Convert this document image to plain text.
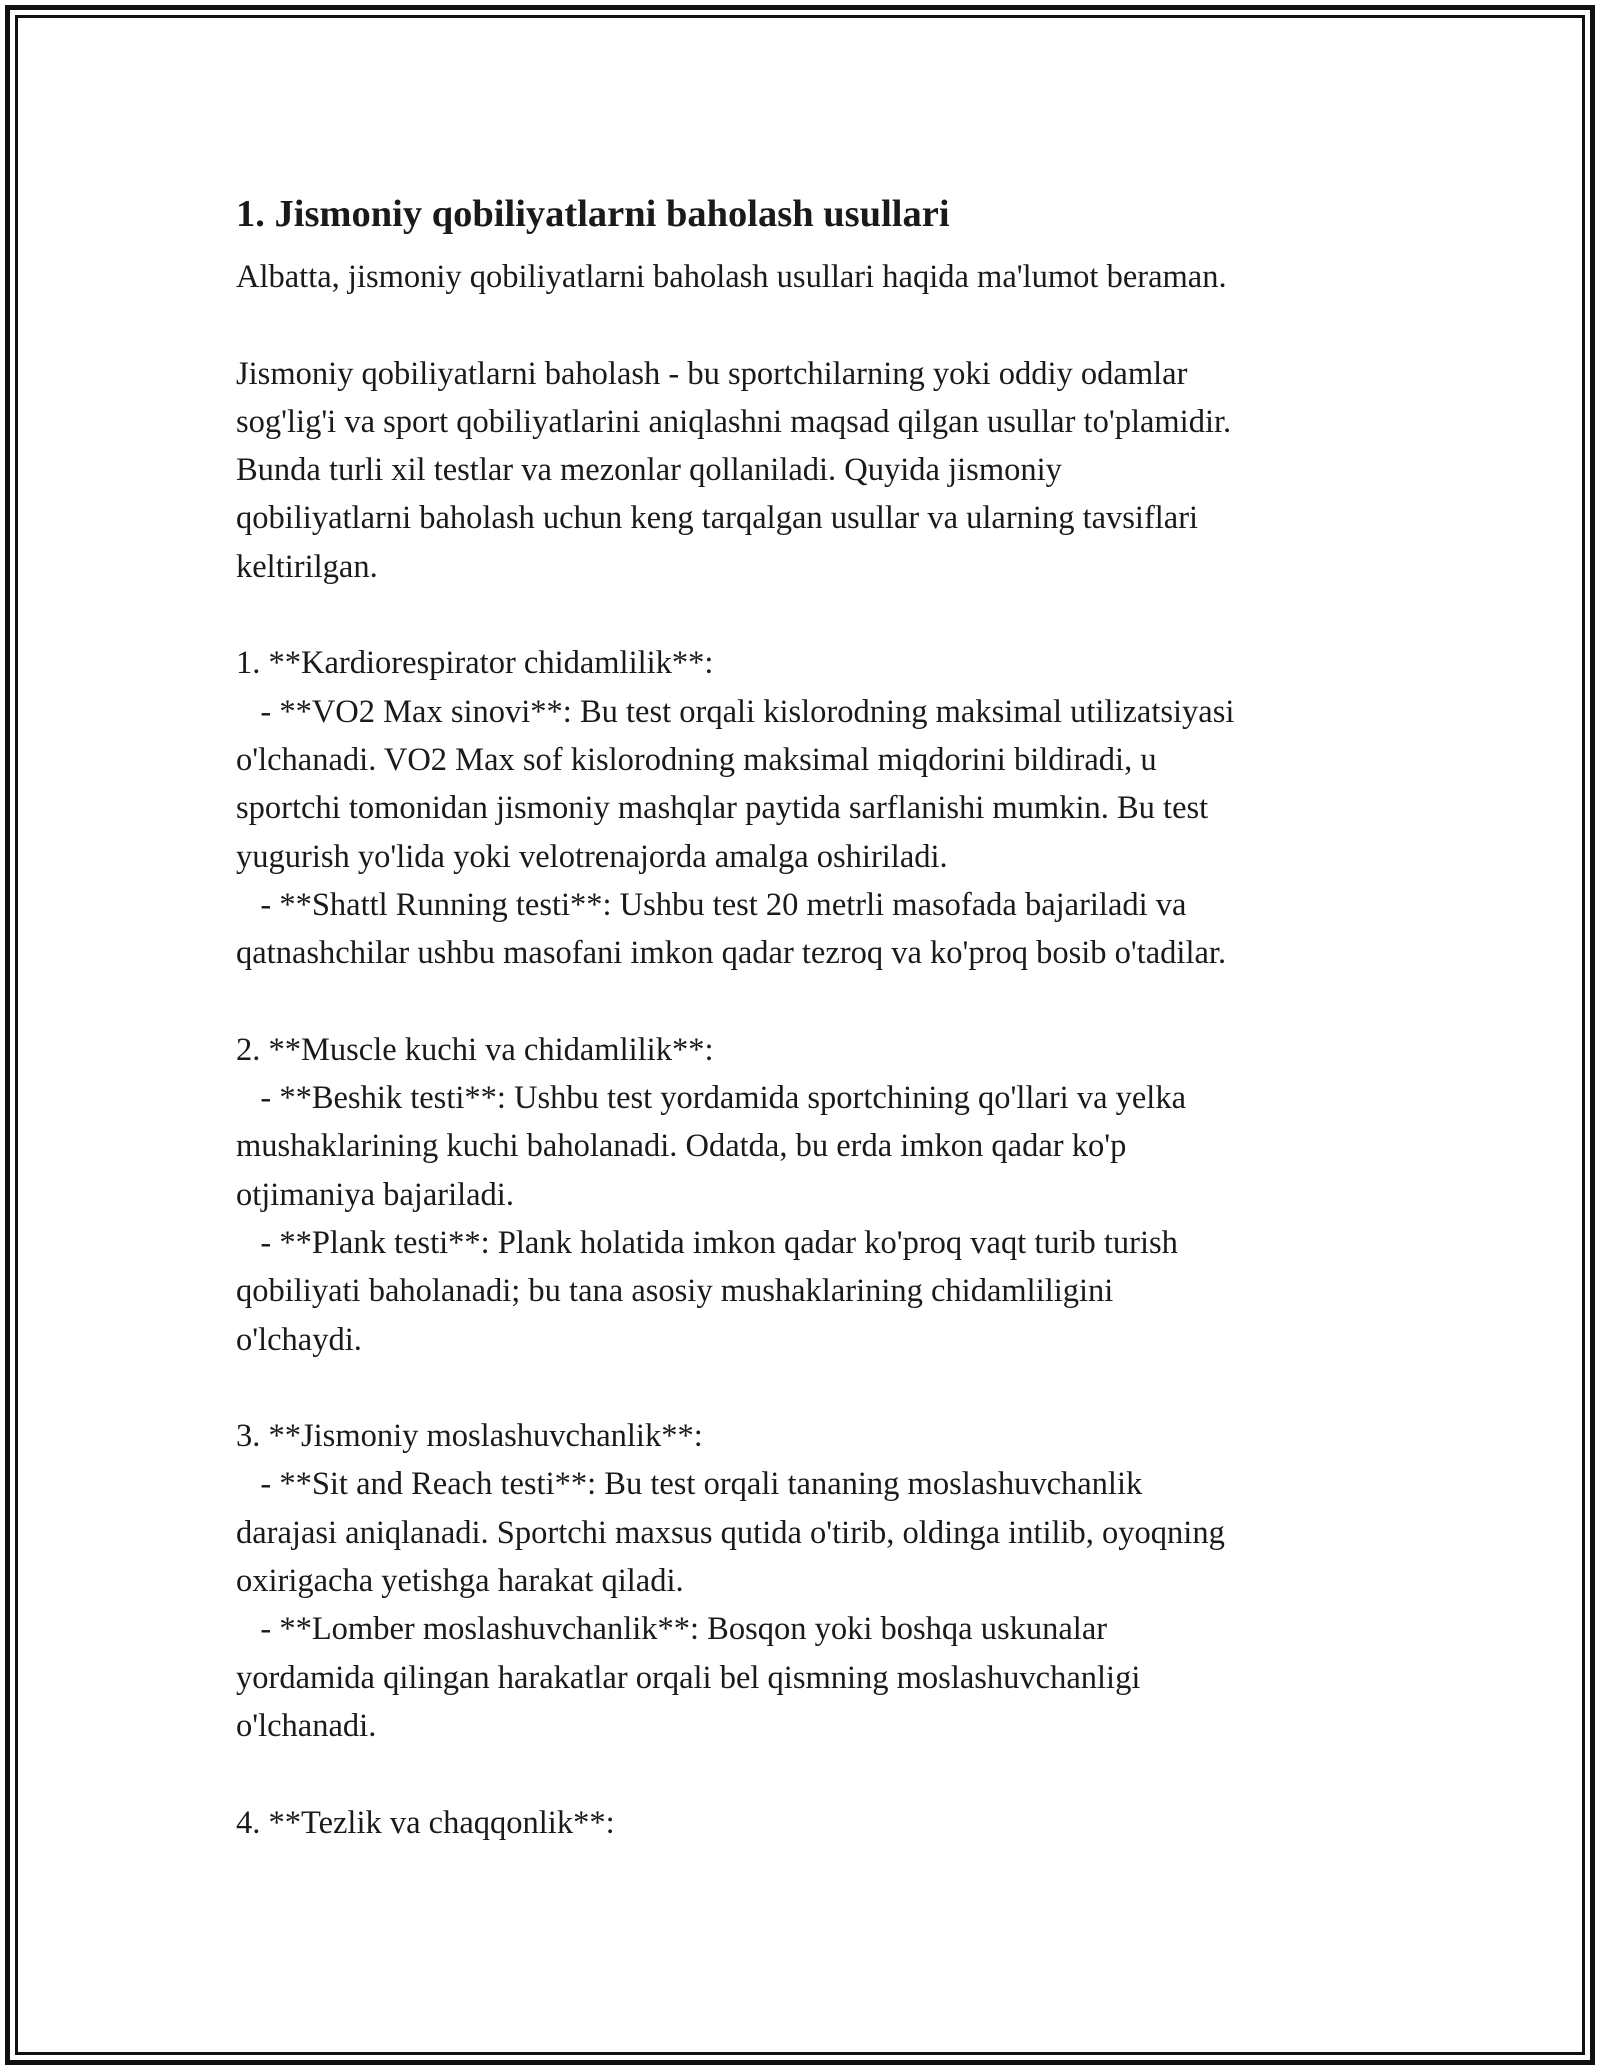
1. Jismoniy qobiliyatlarni baholash usullari
Albatta, jismoniy qobiliyatlarni baholash usullari haqida ma'lumot beraman.
Jismoniy qobiliyatlarni baholash - bu sportchilarning yoki oddiy odamlar
sog'lig'i va sport qobiliyatlarini aniqlashni maqsad qilgan usullar to'plamidir.
Bunda turli xil testlar va mezonlar qollaniladi. Quyida jismoniy
qobiliyatlarni baholash uchun keng tarqalgan usullar va ularning tavsiflari
keltirilgan.
1. **Kardiorespirator chidamlilik**:
- **VO2 Max sinovi**: Bu test orqali kislorodning maksimal utilizatsiyasi
o'lchanadi. VO2 Max sof kislorodning maksimal miqdorini bildiradi, u
sportchi tomonidan jismoniy mashqlar paytida sarflanishi mumkin. Bu test
yugurish yo'lida yoki velotrenajorda amalga oshiriladi.
- **Shattl Running testi**: Ushbu test 20 metrli masofada bajariladi va
qatnashchilar ushbu masofani imkon qadar tezroq va ko'proq bosib o'tadilar.
2. **Muscle kuchi va chidamlilik**:
- **Beshik testi**: Ushbu test yordamida sportchining qo'llari va yelka
mushaklarining kuchi baholanadi. Odatda, bu erda imkon qadar ko'p
otjimaniya bajariladi.
- **Plank testi**: Plank holatida imkon qadar ko'proq vaqt turib turish
qobiliyati baholanadi; bu tana asosiy mushaklarining chidamliligini
o'lchaydi.
3. **Jismoniy moslashuvchanlik**:
- **Sit and Reach testi**: Bu test orqali tananing moslashuvchanlik
darajasi aniqlanadi. Sportchi maxsus qutida o'tirib, oldinga intilib, oyoqning
oxirigacha yetishga harakat qiladi.
- **Lomber moslashuvchanlik**: Bosqon yoki boshqa uskunalar
yordamida qilingan harakatlar orqali bel qismning moslashuvchanligi
o'lchanadi.
4. **Tezlik va chaqqonlik**:
